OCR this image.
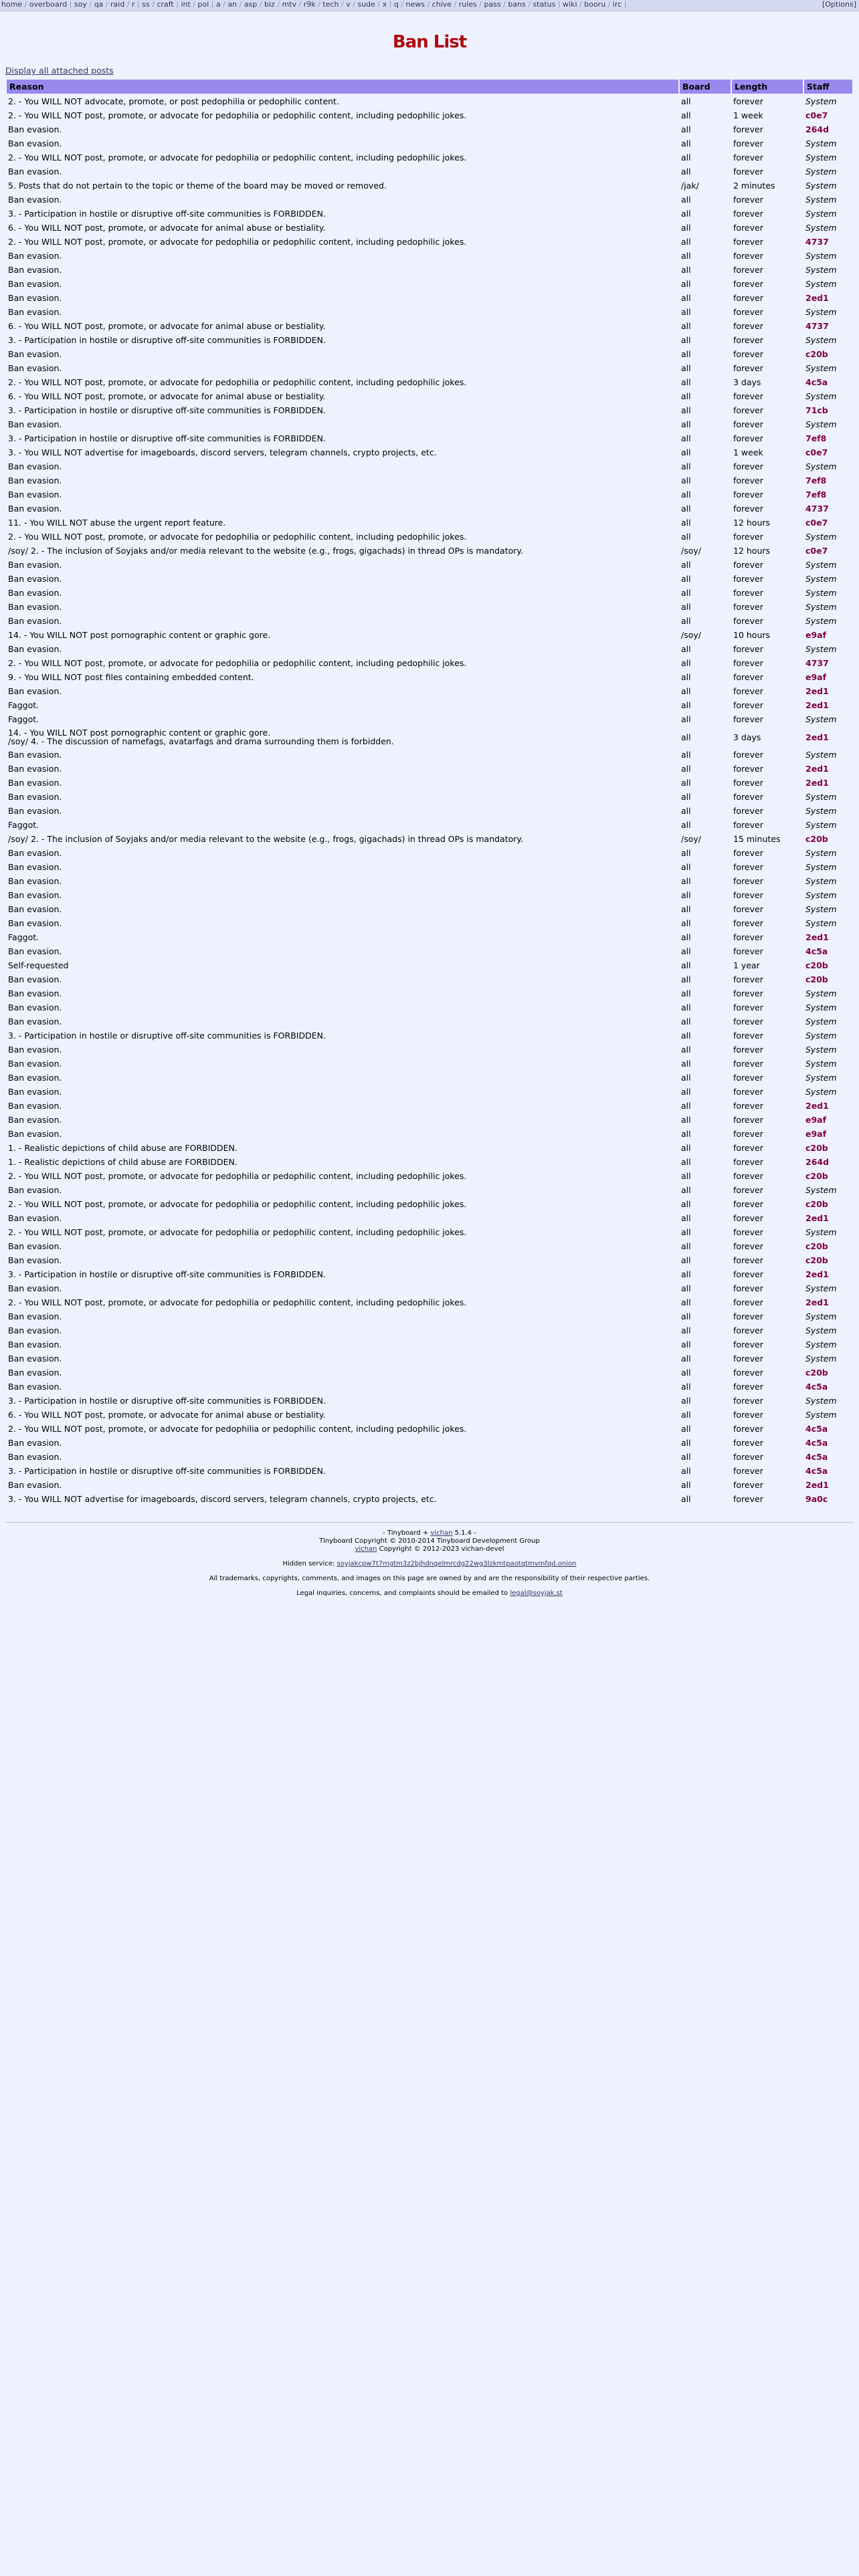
home / overboard | soy / qa / raid / r | ss / craft | int / pol | a / an / asp / biz / mtv / r9k / tech / v / sude / x | q / news / chive / rules / pass / bans / status | wiki / booru / irc |	[Options]
Ban List
Display all attached posts
Reason	Board	Length	Staff
2. - You WILL NOT advocate, promote, or post pedophilia or pedophilic content.	all	forever	System
2. - You WILL NOT post, promote, or advocate for pedophilia or pedophilic content, including pedophilic jokes.	all	1 week	c0e7
Ban evasion.	all	forever	264d
Ban evasion.	all	forever	System
2. - You WILL NOT post, promote, or advocate for pedophilia or pedophilic content, including pedophilic jokes.	all	forever	System
Ban evasion.	all	forever	System
5. Posts that do not pertain to the topic or theme of the board may be moved or removed.	/jak/	2 minutes	System
Ban evasion.	all	forever	System
3. - Participation in hostile or disruptive off-site communities is FORBIDDEN.	all	forever	System
6. - You WILL NOT post, promote, or advocate for animal abuse or bestiality.	all	forever	System
2. - You WILL NOT post, promote, or advocate for pedophilia or pedophilic content, including pedophilic jokes.	all	forever	4737
Ban evasion.	all	forever	System
Ban evasion.	all	forever	System
Ban evasion.	all	forever	System
Ban evasion.	all	forever	2ed1
Ban evasion.	all	forever	System
6. - You WILL NOT post, promote, or advocate for animal abuse or bestiality.	all	forever	4737
3. - Participation in hostile or disruptive off-site communities is FORBIDDEN.	all	forever	System
Ban evasion.	all	forever	c20b
Ban evasion.	all	forever	System
2. - You WILL NOT post, promote, or advocate for pedophilia or pedophilic content, including pedophilic jokes.	all	3 days	4c5a
6. - You WILL NOT post, promote, or advocate for animal abuse or bestiality.	all	forever	System
3. - Participation in hostile or disruptive off-site communities is FORBIDDEN.	all	forever	71cb
Ban evasion.	all	forever	System
3. - Participation in hostile or disruptive off-site communities is FORBIDDEN.	all	forever	7ef8
3. - You WILL NOT advertise for imageboards, discord servers, telegram channels, crypto projects, etc.	all	1 week	c0e7
Ban evasion.	all	forever	System
Ban evasion.	all	forever	7ef8
Ban evasion.	all	forever	7ef8
Ban evasion.	all	forever	4737
11. - You WILL NOT abuse the urgent report feature.	all	12 hours	c0e7
2. - You WILL NOT post, promote, or advocate for pedophilia or pedophilic content, including pedophilic jokes.	all	forever	System
/soy/ 2. - The inclusion of Soyjaks and/or media relevant to the website (e.g., frogs, gigachads) in thread OPs is mandatory.	/soy/	12 hours	c0e7
Ban evasion.	all	forever	System
Ban evasion.	all	forever	System
Ban evasion.	all	forever	System
Ban evasion.	all	forever	System
Ban evasion.	all	forever	System
14. - You WILL NOT post pornographic content or graphic gore.	/soy/	10 hours	e9af
Ban evasion.	all	forever	System
2. - You WILL NOT post, promote, or advocate for pedophilia or pedophilic content, including pedophilic jokes.	all	forever	4737
9. - You WILL NOT post files containing embedded content.	all	forever	e9af
Ban evasion.	all	forever	2ed1
Faggot.	all	forever	2ed1
Faggot.	all	forever	System

14. - You WILL NOT post pornographic content or graphic gore.
/soy/ 4. - The discussion of namefags, avatarfags and drama surrounding them is forbidden.	all	3 days	2ed1
Ban evasion.	all	forever	System
Ban evasion.	all	forever	2ed1
Ban evasion.	all	forever	2ed1
Ban evasion.	all	forever	System
Ban evasion.	all	forever	System
Faggot.	all	forever	System
/soy/ 2. - The inclusion of Soyjaks and/or media relevant to the website (e.g., frogs, gigachads) in thread OPs is mandatory.	/soy/	15 minutes	c20b
Ban evasion.	all	forever	System
Ban evasion.	all	forever	System
Ban evasion.	all	forever	System
Ban evasion.	all	forever	System
Ban evasion.	all	forever	System
Ban evasion.	all	forever	System
Faggot.	all	forever	2ed1
Ban evasion.	all	forever	4c5a
Self-requested	all	1 year	c20b
Ban evasion.	all	forever	c20b
Ban evasion.	all	forever	System
Ban evasion.	all	forever	System
Ban evasion.	all	forever	System
3. - Participation in hostile or disruptive off-site communities is FORBIDDEN.	all	forever	System
Ban evasion.	all	forever	System
Ban evasion.	all	forever	System
Ban evasion.	all	forever	System
Ban evasion.	all	forever	System
Ban evasion.	all	forever	2ed1
Ban evasion.	all	forever	e9af
Ban evasion.	all	forever	e9af
1. - Realistic depictions of child abuse are FORBIDDEN.	all	forever	c20b
1. - Realistic depictions of child abuse are FORBIDDEN.	all	forever	264d
2. - You WILL NOT post, promote, or advocate for pedophilia or pedophilic content, including pedophilic jokes.	all	forever	c20b
Ban evasion.	all	forever	System
2. - You WILL NOT post, promote, or advocate for pedophilia or pedophilic content, including pedophilic jokes.	all	forever	c20b
Ban evasion.	all	forever	2ed1
2. - You WILL NOT post, promote, or advocate for pedophilia or pedophilic content, including pedophilic jokes.	all	forever	System
Ban evasion.	all	forever	c20b
Ban evasion.	all	forever	c20b
3. - Participation in hostile or disruptive off-site communities is FORBIDDEN.	all	forever	2ed1
Ban evasion.	all	forever	System
2. - You WILL NOT post, promote, or advocate for pedophilia or pedophilic content, including pedophilic jokes.	all	forever	2ed1
Ban evasion.	all	forever	System
Ban evasion.	all	forever	System
Ban evasion.	all	forever	System
Ban evasion.	all	forever	System
Ban evasion.	all	forever	c20b
Ban evasion.	all	forever	4c5a
3. - Participation in hostile or disruptive off-site communities is FORBIDDEN.	all	forever	System
6. - You WILL NOT post, promote, or advocate for animal abuse or bestiality.	all	forever	System
2. - You WILL NOT post, promote, or advocate for pedophilia or pedophilic content, including pedophilic jokes.	all	forever	4c5a
Ban evasion.	all	forever	4c5a
Ban evasion.	all	forever	4c5a
3. - Participation in hostile or disruptive off-site communities is FORBIDDEN.	all	forever	4c5a
Ban evasion.	all	forever	2ed1
3. - You WILL NOT advertise for imageboards, discord servers, telegram channels, crypto projects, etc.	all	forever	9a0c
- Tinyboard + vichan 5.1.4 -
Tinyboard Copyright © 2010-2014 Tinyboard Development Group

vichan Copyright © 2012-2023 vichan-devel

Hidden service: soyjakcpw7t7mgtm3z2bjhdnqelmrcdg22wg3lzkmtpaotqtmvmfqd.onion

All trademarks, copyrights, comments, and images on this page are owned by and are the responsibility of their respective parties.

Legal inquiries, concerns, and complaints should be emailed to legal@soyjak.st
